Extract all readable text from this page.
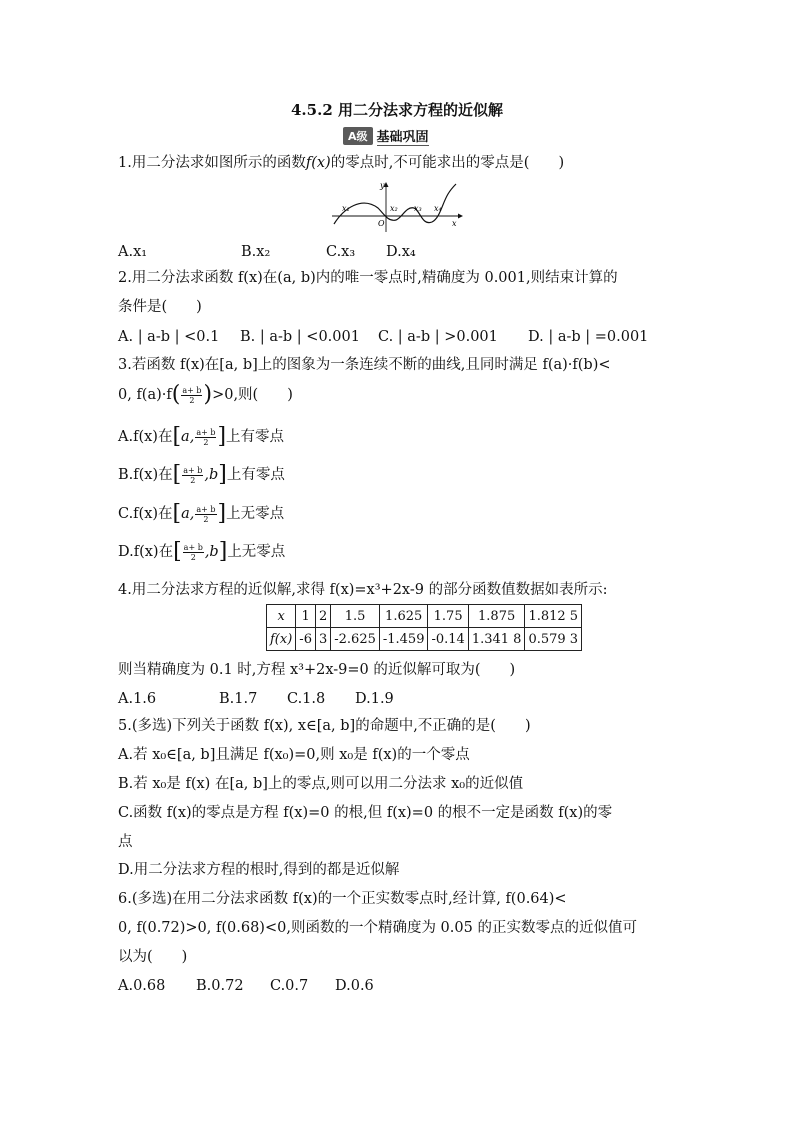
4.5.2 用二分法求方程的近似解
A级 基础巩固
1.用二分法求如图所示的函数f(x)的零点时,不可能求出的零点是(　　)
y
x
O
x₁	x₂ x₃ x₄
A.x₁	B.x₂	C.x₃ D.x₄
2.用二分法求函数 f(x)在(a, b)内的唯一零点时,精确度为 0.001,则结束计算的
条件是(　　)
A. | a-b | <0.1 B. | a-b | <0.001 C. | a-b | >0.001 D. | a-b | =0.001
3.若函数 f(x)在[a, b]上的图象为一条连续不断的曲线,且同时满足 f(a)·f(b)<
0, $f(a)\cdot f( \frac{a+ b}{2} )>0$,则(　　)
A.f(x)在[a, $\frac{a+ b}{2}$ ]上有零点
B.f(x)在[ $\frac{a+ b}{2} ,b$]上有零点
C.f(x)在[a, $\frac{a+ b}{2}$ ]上无零点
D.f(x)在[ $\frac{a+ b}{2} ,b$]上无零点
4.用二分法求方程的近似解,求得 f(x)=x³+2x-9 的部分函数值数据如表所示:
x	1	2	1.5	1.625	1.75	1.875	1.812 5
f(x)	-6	3	-2.625	-1.459	-0.14	1.341 8	0.579 3
则当精确度为 0.1 时,方程 x³+2x-9=0 的近似解可取为(　　)
A.1.6	B.1.7 C.1.8 D.1.9
5.(多选)下列关于函数 f(x), x∈[a, b]的命题中,不正确的是(　　)
A.若 x₀∈[a, b]且满足 f(x₀)=0,则 x₀是 f(x)的一个零点
B.若 x₀是 f(x) 在[a, b]上的零点,则可以用二分法求 x₀的近似值
C.函数 f(x)的零点是方程 f(x)=0 的根,但 f(x)=0 的根不一定是函数 f(x)的零
点
D.用二分法求方程的根时,得到的都是近似解
6.(多选)在用二分法求函数 f(x)的一个正实数零点时,经计算, f(0.64)<
0, f(0.72)>0, f(0.68)<0,则函数的一个精确度为 0.05 的正实数零点的近似值可
以为(　　)
A.0.68 B.0.72 C.0.7 D.0.6
